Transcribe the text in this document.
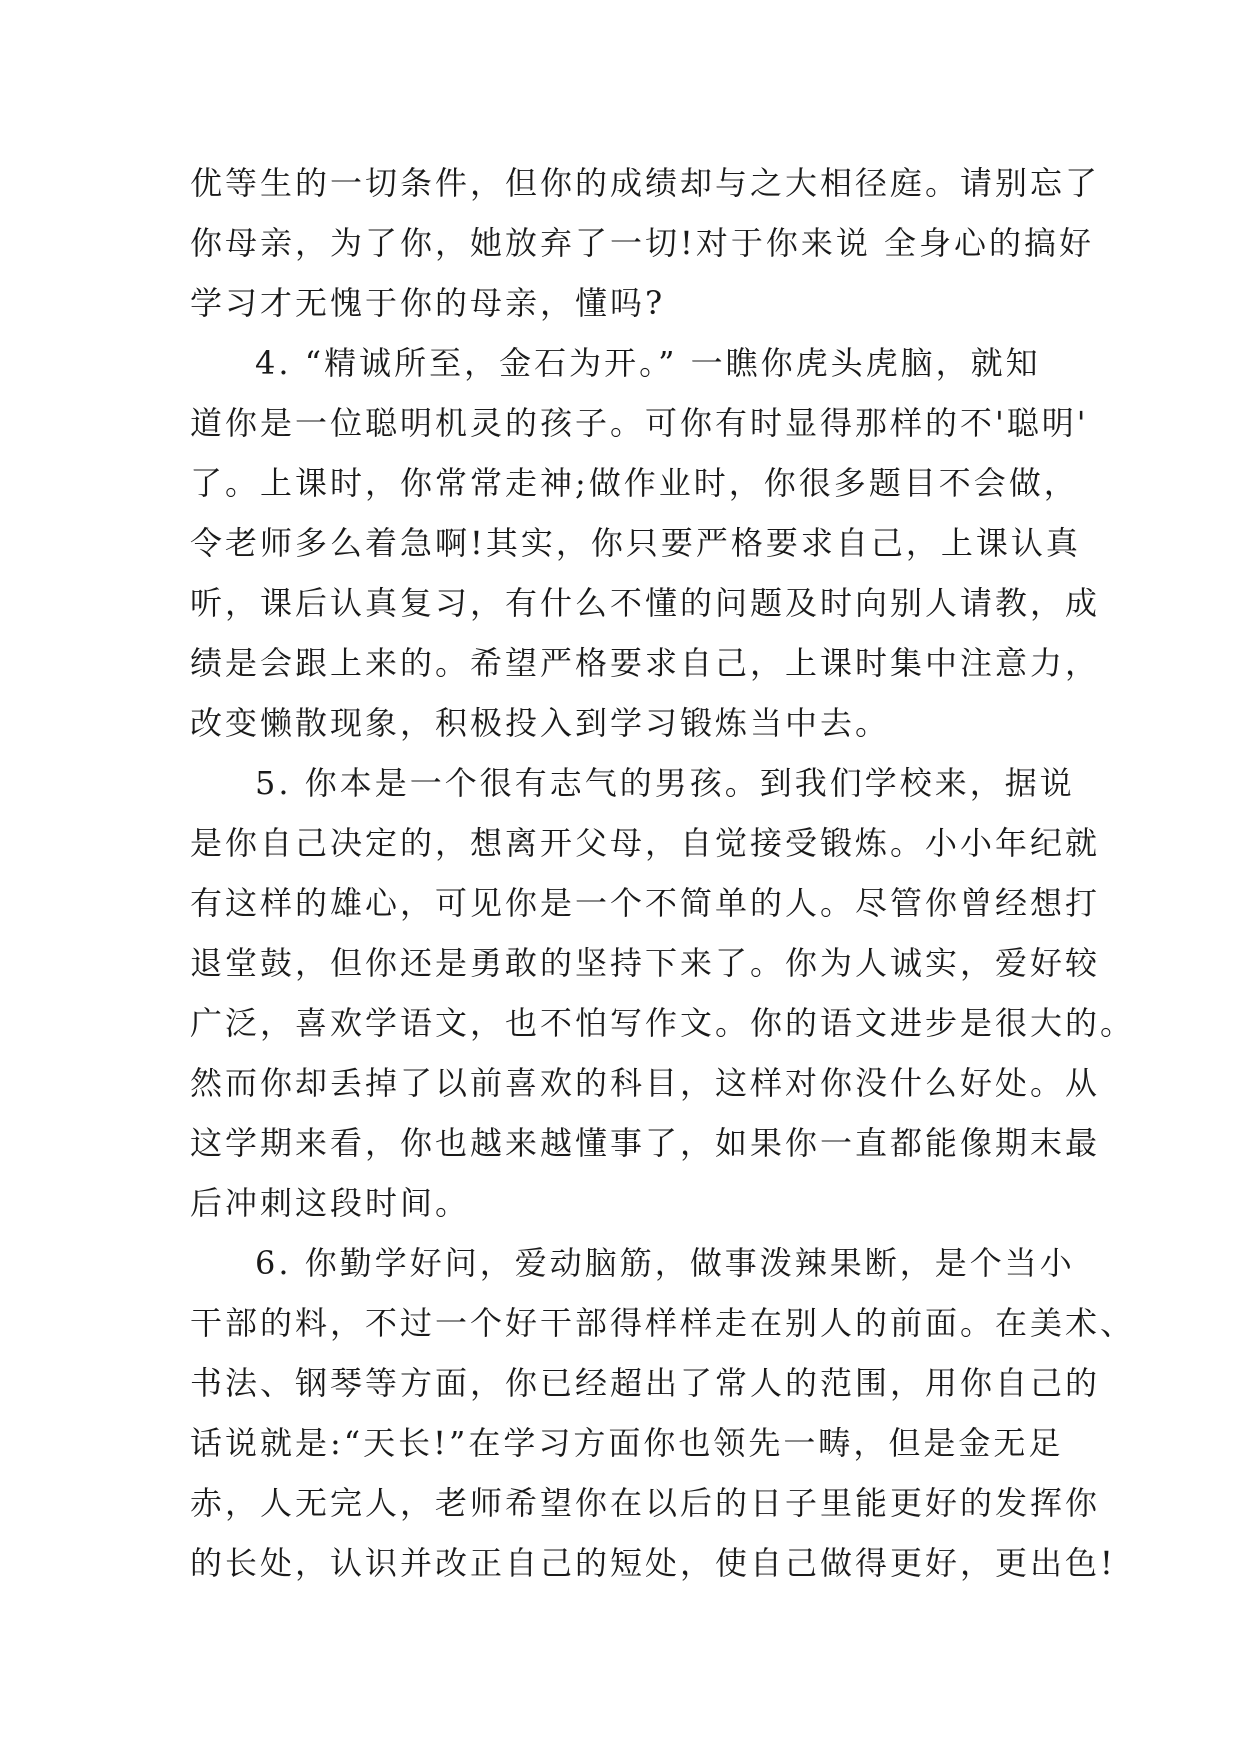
优等生的一切条件，但你的成绩却与之大相径庭。请别忘了
你母亲，为了你，她放弃了一切!对于你来说 全身心的搞好
学习才无愧于你的母亲，懂吗?
4. “精诚所至，金石为开。” 一瞧你虎头虎脑，就知
道你是一位聪明机灵的孩子。可你有时显得那样的不'聪明'
了。上课时，你常常走神;做作业时，你很多题目不会做，
令老师多么着急啊!其实，你只要严格要求自己，上课认真
听，课后认真复习，有什么不懂的问题及时向别人请教，成
绩是会跟上来的。希望严格要求自己，上课时集中注意力，
改变懒散现象，积极投入到学习锻炼当中去。
5. 你本是一个很有志气的男孩。到我们学校来，据说
是你自己决定的，想离开父母，自觉接受锻炼。小小年纪就
有这样的雄心，可见你是一个不简单的人。尽管你曾经想打
退堂鼓，但你还是勇敢的坚持下来了。你为人诚实，爱好较
广泛，喜欢学语文，也不怕写作文。你的语文进步是很大的。
然而你却丢掉了以前喜欢的科目，这样对你没什么好处。从
这学期来看，你也越来越懂事了，如果你一直都能像期末最
后冲刺这段时间。
6. 你勤学好问，爱动脑筋，做事泼辣果断，是个当小
干部的料，不过一个好干部得样样走在别人的前面。在美术、
书法、钢琴等方面，你已经超出了常人的范围，用你自己的
话说就是:“天长!”在学习方面你也领先一畴，但是金无足
赤，人无完人，老师希望你在以后的日子里能更好的发挥你
的长处，认识并改正自己的短处，使自己做得更好，更出色!
